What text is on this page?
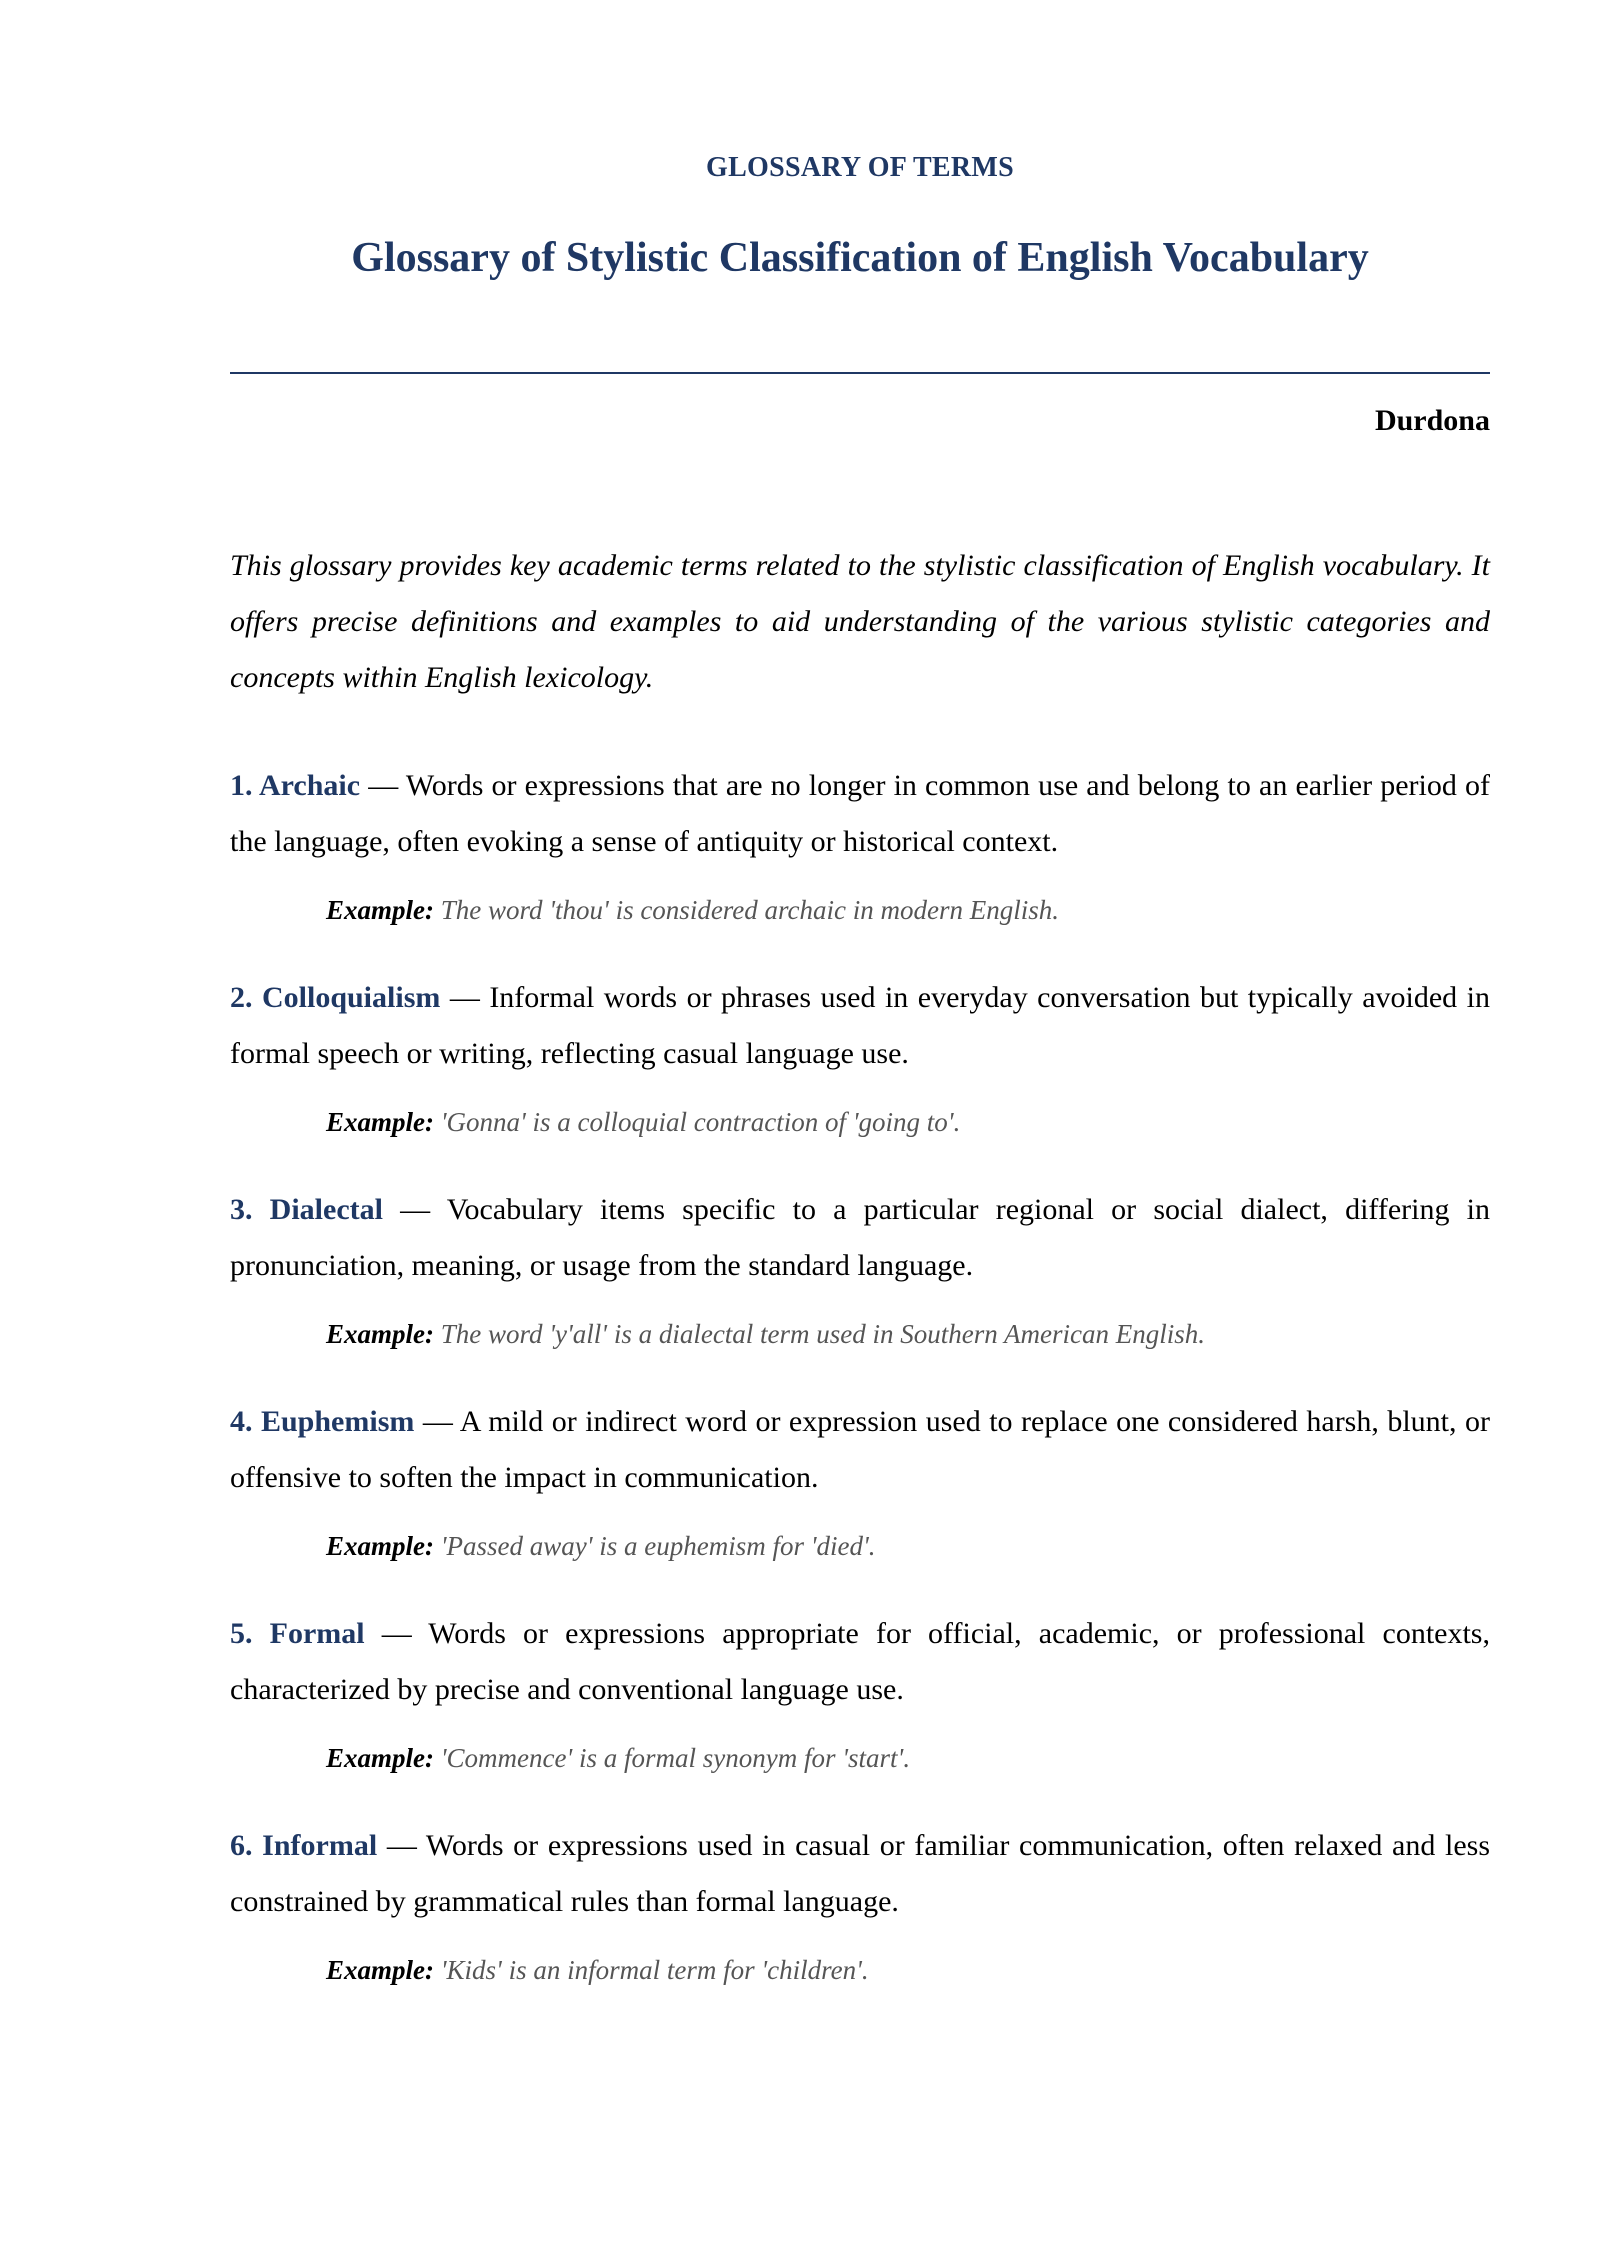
GLOSSARY OF TERMS
Glossary of Stylistic Classification of English Vocabulary
Durdona

This glossary provides key academic terms related to the stylistic classification of English vocabulary. It offers precise definitions and examples to aid understanding of the various stylistic categories and concepts within English lexicology.

1. Archaic — Words or expressions that are no longer in common use and belong to an earlier period of the language, often evoking a sense of antiquity or historical context.

Example: The word 'thou' is considered archaic in modern English.

2. Colloquialism — Informal words or phrases used in everyday conversation but typically avoided in formal speech or writing, reflecting casual language use.

Example: 'Gonna' is a colloquial contraction of 'going to'.

3. Dialectal — Vocabulary items specific to a particular regional or social dialect, differing in pronunciation, meaning, or usage from the standard language.

Example: The word 'y'all' is a dialectal term used in Southern American English.

4. Euphemism — A mild or indirect word or expression used to replace one considered harsh, blunt, or offensive to soften the impact in communication.

Example: 'Passed away' is a euphemism for 'died'.

5. Formal — Words or expressions appropriate for official, academic, or professional contexts, characterized by precise and conventional language use.

Example: 'Commence' is a formal synonym for 'start'.

6. Informal — Words or expressions used in casual or familiar communication, often relaxed and less constrained by grammatical rules than formal language.

Example: 'Kids' is an informal term for 'children'.
